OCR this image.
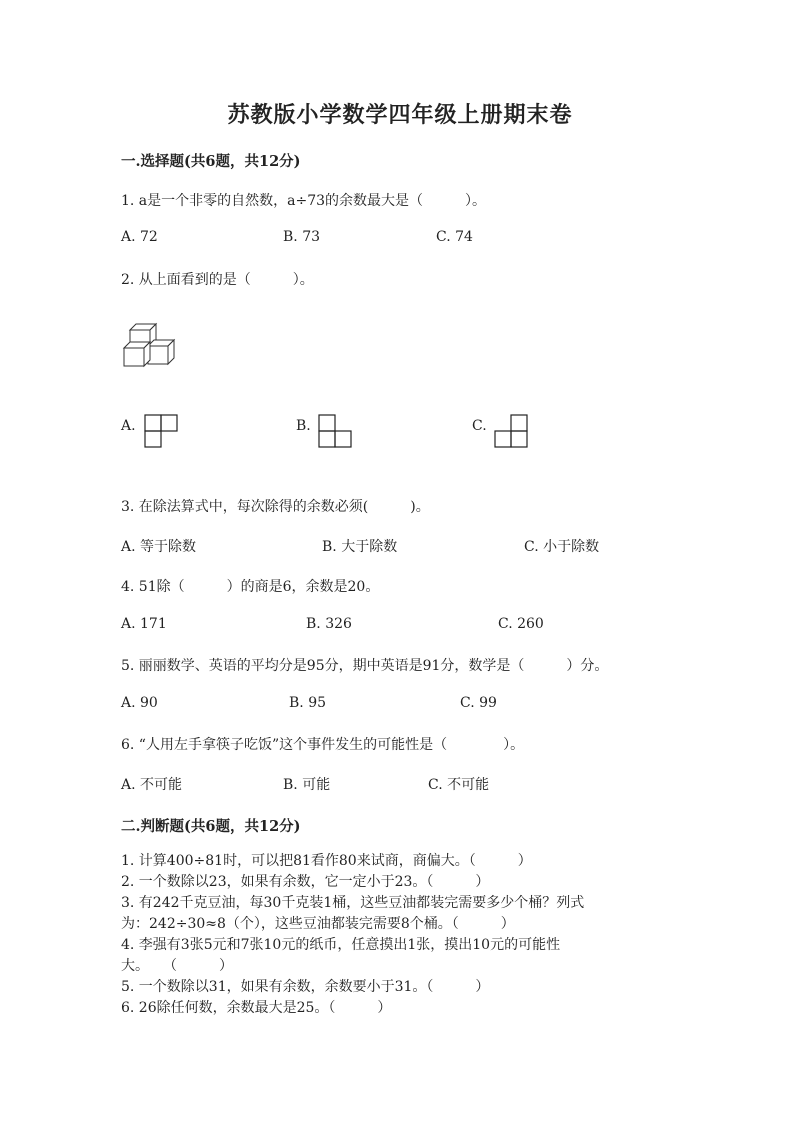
苏教版小学数学四年级上册期末卷
一.选择题(共6题，共12分)
1. a是一个非零的自然数，a÷73的余数最大是（　　　）。
A. 72	B. 73	C. 74
2. 从上面看到的是（　　　）。
A.	B.	C.
3. 在除法算式中，每次除得的余数必须(　　　)。
A. 等于除数	B. 大于除数	C. 小于除数
4. 51除（　　　）的商是6，余数是20。
A. 171	B. 326	C. 260
5. 丽丽数学、英语的平均分是95分，期中英语是91分，数学是（　　　）分。
A. 90	B. 95	C. 99
6. “人用左手拿筷子吃饭”这个事件发生的可能性是（　　　　）。
A. 不可能	B. 可能	C. 不可能
二.判断题(共6题，共12分)
1. 计算400÷81时，可以把81看作80来试商，商偏大。（　　　）
2. 一个数除以23，如果有余数，它一定小于23。（　　　）
3. 有242千克豆油，每30千克装1桶，这些豆油都装完需要多少个桶？列式
为：242÷30≈8（个），这些豆油都装完需要8个桶。（　　　）
4. 李强有3张5元和7张10元的纸币，任意摸出1张，摸出10元的可能性
大。　　（　　　）
5. 一个数除以31，如果有余数，余数要小于31。（　　　）
6. 26除任何数，余数最大是25。（　　　）
